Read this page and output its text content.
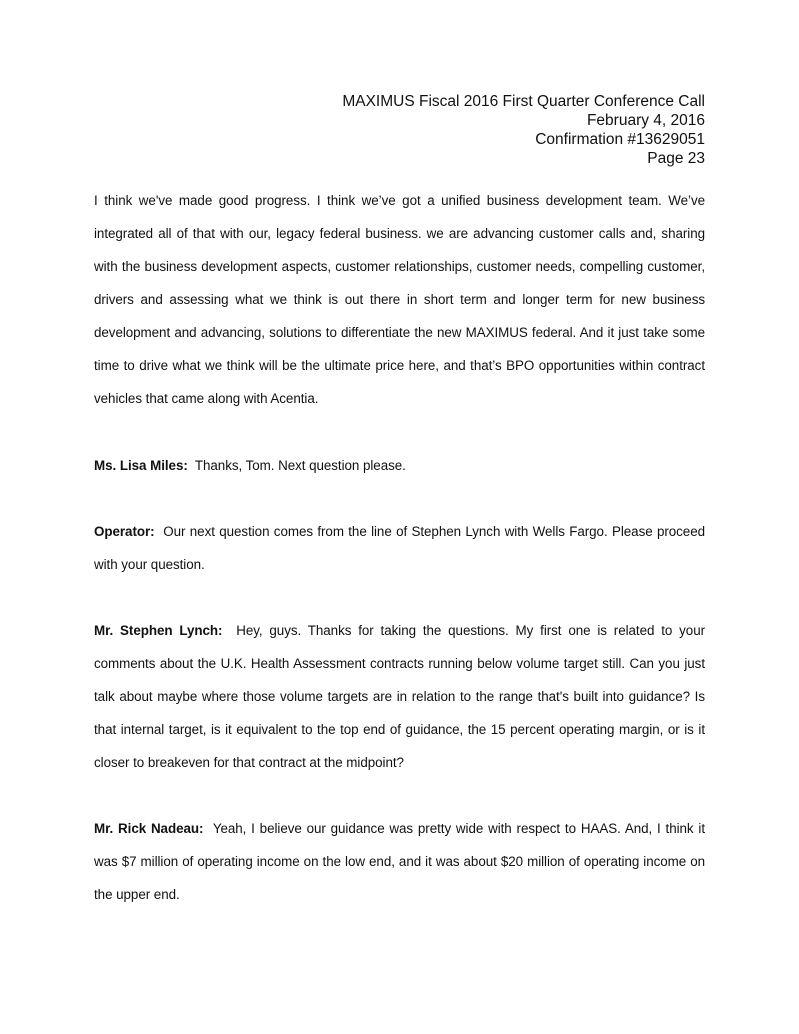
MAXIMUS Fiscal 2016 First Quarter Conference Call
February 4, 2016
Confirmation #13629051
Page 23

I think we've made good progress. I think we’ve got a unified business development team. We’ve integrated all of that with our, legacy federal business. we are advancing customer calls and, sharing with the business development aspects, customer relationships, customer needs, compelling customer, drivers and assessing what we think is out there in short term and longer term for new business development and advancing, solutions to differentiate the new MAXIMUS federal. And it just take some time to drive what we think will be the ultimate price here, and that’s BPO opportunities within contract vehicles that came along with Acentia.

Ms. Lisa Miles: Thanks, Tom. Next question please.

Operator: Our next question comes from the line of Stephen Lynch with Wells Fargo. Please proceed with your question.

Mr. Stephen Lynch: Hey, guys. Thanks for taking the questions. My first one is related to your comments about the U.K. Health Assessment contracts running below volume target still. Can you just talk about maybe where those volume targets are in relation to the range that's built into guidance? Is that internal target, is it equivalent to the top end of guidance, the 15 percent operating margin, or is it closer to breakeven for that contract at the midpoint?

Mr. Rick Nadeau: Yeah, I believe our guidance was pretty wide with respect to HAAS. And, I think it was $7 million of operating income on the low end, and it was about $20 million of operating income on the upper end.
